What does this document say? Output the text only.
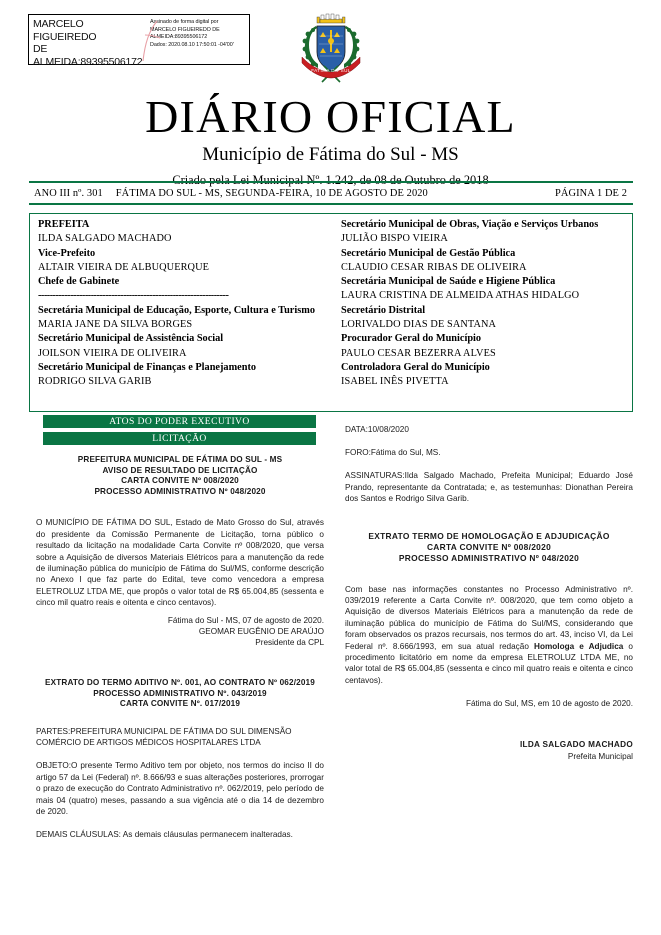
MARCELO FIGUEIREDO
DE
ALMEIDA:89395506172
Assinado de forma digital por
MARCELO FIGUEIREDO DE
ALMEIDA:89395506172
Dados: 2020.08.10 17:50:01 -04'00'
FATIMA DO SUL
DIÁRIO OFICIAL
Município de Fátima do Sul - MS
Criado pela Lei Municipal Nº. 1.242, de 08 de Outubro de 2018
ANO III nº. 301	FÁTIMA DO SUL - MS, SEGUNDA-FEIRA, 10 DE AGOSTO DE 2020	PÁGINA 1 DE 2
PREFEITA
ILDA SALGADO MACHADO
Vice-Prefeito
ALTAIR VIEIRA DE ALBUQUERQUE
Chefe de Gabinete
-----------------------------------------------------------------
Secretária Municipal de Educação, Esporte, Cultura e Turismo
MARIA JANE DA SILVA BORGES
Secretário Municipal de Assistência Social
JOILSON VIEIRA DE OLIVEIRA
Secretário Municipal de Finanças e Planejamento
RODRIGO SILVA GARIB
Secretário Municipal de Obras, Viação e Serviços Urbanos
JULIÃO BISPO VIEIRA
Secretário Municipal de Gestão Pública
CLAUDIO CESAR RIBAS DE OLIVEIRA
Secretária Municipal de Saúde e Higiene Pública
LAURA CRISTINA DE ALMEIDA ATHAS HIDALGO
Secretário Distrital
LORIVALDO DIAS DE SANTANA
Procurador Geral do Município
PAULO CESAR BEZERRA ALVES
Controladora Geral do Município
ISABEL INÊS PIVETTA
ATOS DO PODER EXECUTIVO
LICITAÇÃO
PREFEITURA MUNICIPAL DE FÁTIMA DO SUL - MS
AVISO DE RESULTADO DE LICITAÇÃO
CARTA CONVITE Nº 008/2020
PROCESSO ADMINISTRATIVO Nº 048/2020
O MUNICÍPIO DE FÁTIMA DO SUL, Estado de Mato Grosso do Sul, através do presidente da Comissão Permanente de Licitação, torna público o resultado da licitação na modalidade Carta Convite nº 008/2020, que versa sobre a Aquisição de diversos Materiais Elétricos para a manutenção da rede de iluminação pública do município de Fátima do Sul/MS, conforme descrição no Anexo I que faz parte do Edital, teve como vencedora a empresa ELETROLUZ LTDA ME, que propôs o valor total de R$ 65.004,85 (sessenta e cinco mil quatro reais e oitenta e cinco centavos).
Fátima do Sul - MS, 07 de agosto de 2020.
GEOMAR EUGÊNIO DE ARAÚJO
Presidente da CPL
EXTRATO DO TERMO ADITIVO Nº. 001, AO CONTRATO Nº 062/2019
PROCESSO ADMINISTRATIVO Nº. 043/2019
CARTA CONVITE Nº. 017/2019
PARTES:PREFEITURA MUNICIPAL DE FÁTIMA DO SUL DIMENSÃO COMÉRCIO DE ARTIGOS MÉDICOS HOSPITALARES LTDA
OBJETO:O presente Termo Aditivo tem por objeto, nos termos do inciso II do artigo 57 da Lei (Federal) nº. 8.666/93 e suas alterações posteriores, prorrogar o prazo de execução do Contrato Administrativo nº. 062/2019, pelo período de mais 04 (quatro) meses, passando a sua vigência até o dia 14 de dezembro de 2020.
DEMAIS CLÁUSULAS: As demais cláusulas permanecem inalteradas.
DATA:10/08/2020
FORO:Fátima do Sul, MS.
ASSINATURAS:Ilda Salgado Machado, Prefeita Municipal; Eduardo José Prando, representante da Contratada; e, as testemunhas: Dionathan Pereira dos Santos e Rodrigo Silva Garib.
EXTRATO TERMO DE HOMOLOGAÇÃO E ADJUDICAÇÃO
CARTA CONVITE Nº 008/2020
PROCESSO ADMINISTRATIVO Nº 048/2020
Com base nas informações constantes no Processo Administrativo nº. 039/2019 referente a Carta Convite nº. 008/2020, que tem como objeto a Aquisição de diversos Materiais Elétricos para a manutenção da rede de iluminação pública do município de Fátima do Sul/MS, considerando que foram observados os prazos recursais, nos termos do art. 43, inciso VI, da Lei Federal nº. 8.666/1993, em sua atual redação Homologa e Adjudica o procedimento licitatório em nome da empresa ELETROLUZ LTDA ME, no valor total de R$ 65.004,85 (sessenta e cinco mil quatro reais e oitenta e cinco centavos).
Fátima do Sul, MS, em 10 de agosto de 2020.
ILDA SALGADO MACHADO
Prefeita Municipal
